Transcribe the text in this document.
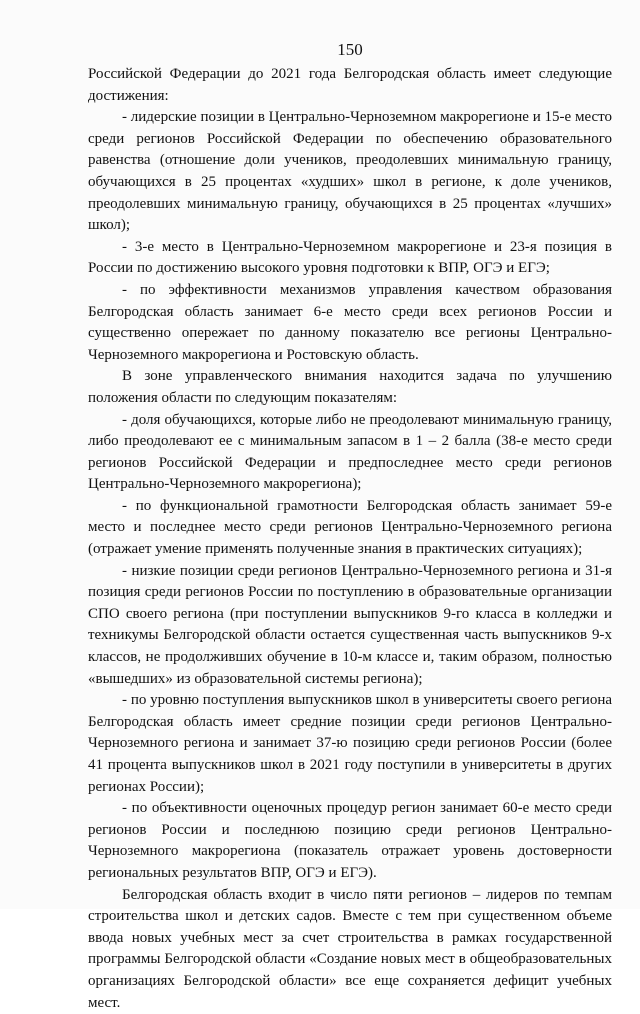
150

Российской Федерации до 2021 года Белгородская область имеет следующие достижения:

- лидерские позиции в Центрально-Черноземном макрорегионе и 15-е место среди регионов Российской Федерации по обеспечению образовательного равенства (отношение доли учеников, преодолевших минимальную границу, обучающихся в 25 процентах «худших» школ в регионе, к доле учеников, преодолевших минимальную границу, обучающихся в 25 процентах «лучших» школ);

- 3-е место в Центрально-Черноземном макрорегионе и 23-я позиция в России по достижению высокого уровня подготовки к ВПР, ОГЭ и ЕГЭ;

- по эффективности механизмов управления качеством образования Белгородская область занимает 6-е место среди всех регионов России и существенно опережает по данному показателю все регионы Центрально-Черноземного макрорегиона и Ростовскую область.

В зоне управленческого внимания находится задача по улучшению положения области по следующим показателям:

- доля обучающихся, которые либо не преодолевают минимальную границу, либо преодолевают ее с минимальным запасом в 1 – 2 балла (38-е место среди регионов Российской Федерации и предпоследнее место среди регионов Центрально-Черноземного макрорегиона);

- по функциональной грамотности Белгородская область занимает 59-е место и последнее место среди регионов Центрально-Черноземного региона (отражает умение применять полученные знания в практических ситуациях);

- низкие позиции среди регионов Центрально-Черноземного региона и 31-я позиция среди регионов России по поступлению в образовательные организации СПО своего региона (при поступлении выпускников 9-го класса в колледжи и техникумы Белгородской области остается существенная часть выпускников 9-х классов, не продолживших обучение в 10-м классе и, таким образом, полностью «вышедших» из образовательной системы региона);

- по уровню поступления выпускников школ в университеты своего региона Белгородская область имеет средние позиции среди регионов Центрально-Черноземного региона и занимает 37-ю позицию среди регионов России (более 41 процента выпускников школ в 2021 году поступили в университеты в других регионах России);

- по объективности оценочных процедур регион занимает 60-е место среди регионов России и последнюю позицию среди регионов Центрально-Черноземного макрорегиона (показатель отражает уровень достоверности региональных результатов ВПР, ОГЭ и ЕГЭ).

Белгородская область входит в число пяти регионов – лидеров по темпам строительства школ и детских садов. Вместе с тем при существенном объеме ввода новых учебных мест за счет строительства в рамках государственной программы Белгородской области «Создание новых мест в общеобразовательных организациях Белгородской области» все еще сохраняется дефицит учебных мест.
